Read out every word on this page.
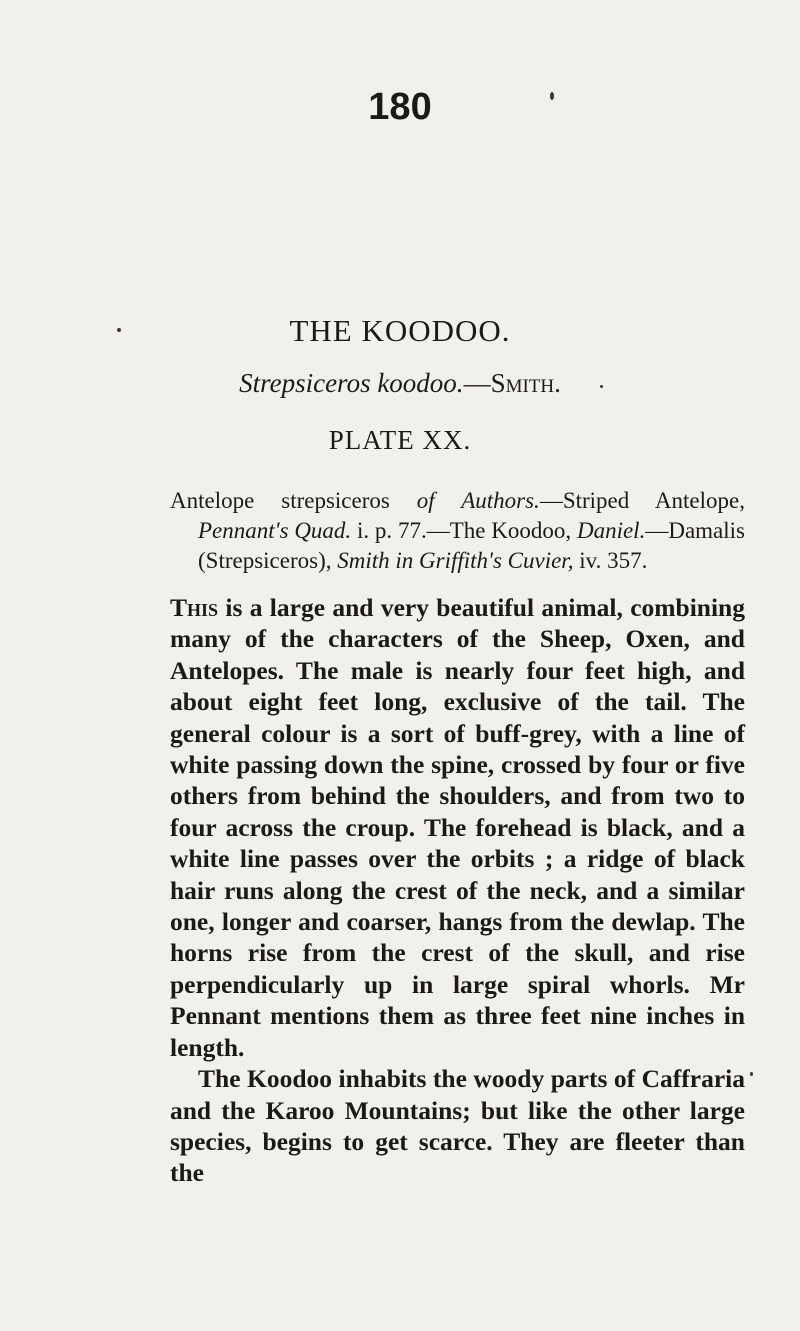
180
THE KOODOO.
Strepsiceros koodoo.—Smith.
PLATE XX.

Antelope strepsiceros of Authors.—Striped Antelope, Pennant's Quad. i. p. 77.—The Koodoo, Daniel.—Damalis (Strepsiceros), Smith in Griffith's Cuvier, iv. 357.

This is a large and very beautiful animal, combining many of the characters of the Sheep, Oxen, and Antelopes. The male is nearly four feet high, and about eight feet long, exclusive of the tail. The general colour is a sort of buff-grey, with a line of white passing down the spine, crossed by four or five others from behind the shoulders, and from two to four across the croup. The forehead is black, and a white line passes over the orbits ; a ridge of black hair runs along the crest of the neck, and a similar one, longer and coarser, hangs from the dewlap. The horns rise from the crest of the skull, and rise perpendicularly up in large spiral whorls. Mr Pennant mentions them as three feet nine inches in length.

The Koodoo inhabits the woody parts of Caffraria and the Karoo Mountains; but like the other large species, begins to get scarce. They are fleeter than the
